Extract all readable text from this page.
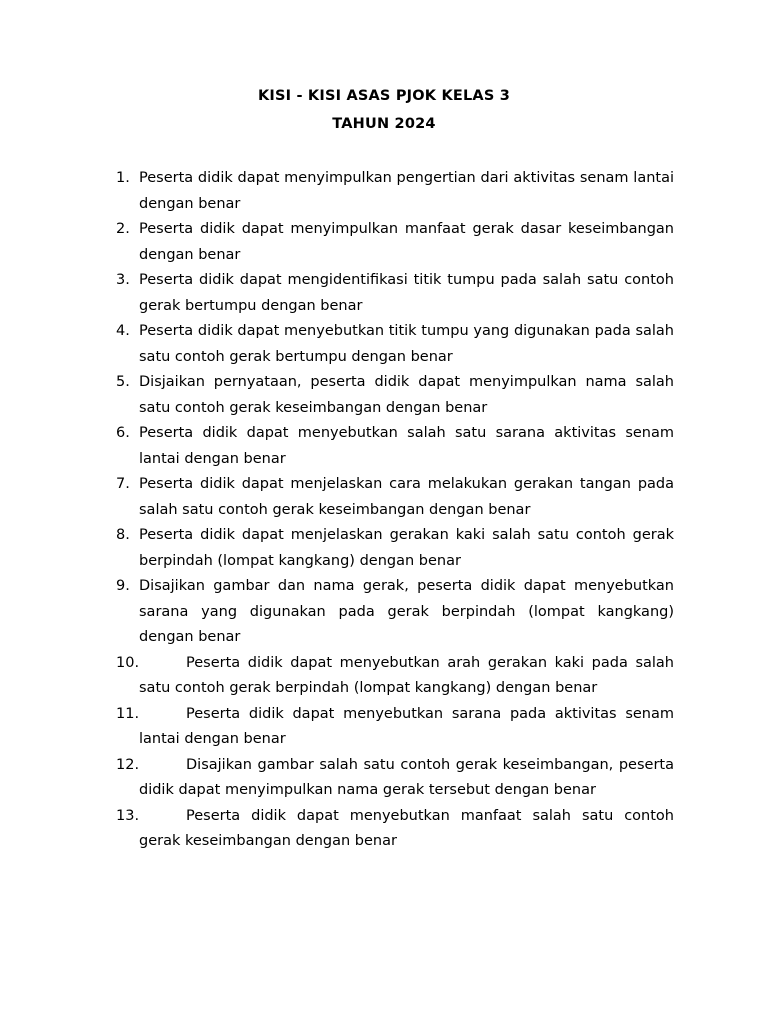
KISI - KISI ASAS PJOK KELAS 3
TAHUN 2024
1. Peserta didik dapat menyimpulkan pengertian dari aktivitas senam lantai dengan benar
2. Peserta didik dapat menyimpulkan manfaat gerak dasar keseimbangan dengan benar
3. Peserta didik dapat mengidentifikasi titik tumpu pada salah satu contoh gerak bertumpu dengan benar
4. Peserta didik dapat menyebutkan titik tumpu yang digunakan pada salah satu contoh gerak bertumpu dengan benar
5. Disjaikan pernyataan, peserta didik dapat menyimpulkan nama salah satu contoh gerak keseimbangan dengan benar
6. Peserta didik dapat menyebutkan salah satu sarana aktivitas senam lantai dengan benar
7. Peserta didik dapat menjelaskan cara melakukan gerakan tangan pada salah satu contoh gerak keseimbangan dengan benar
8. Peserta didik dapat menjelaskan gerakan kaki salah satu contoh gerak berpindah (lompat kangkang) dengan benar
9. Disajikan gambar dan nama gerak, peserta didik dapat menyebutkan sarana yang digunakan pada gerak berpindah (lompat kangkang) dengan benar
10.	Peserta didik dapat menyebutkan arah gerakan kaki pada salah satu contoh gerak berpindah (lompat kangkang) dengan benar
11.	Peserta didik dapat menyebutkan sarana pada aktivitas senam lantai dengan benar
12.	Disajikan gambar salah satu contoh gerak keseimbangan, peserta didik dapat menyimpulkan nama gerak tersebut dengan benar
13.	Peserta didik dapat menyebutkan manfaat salah satu contoh gerak keseimbangan dengan benar
